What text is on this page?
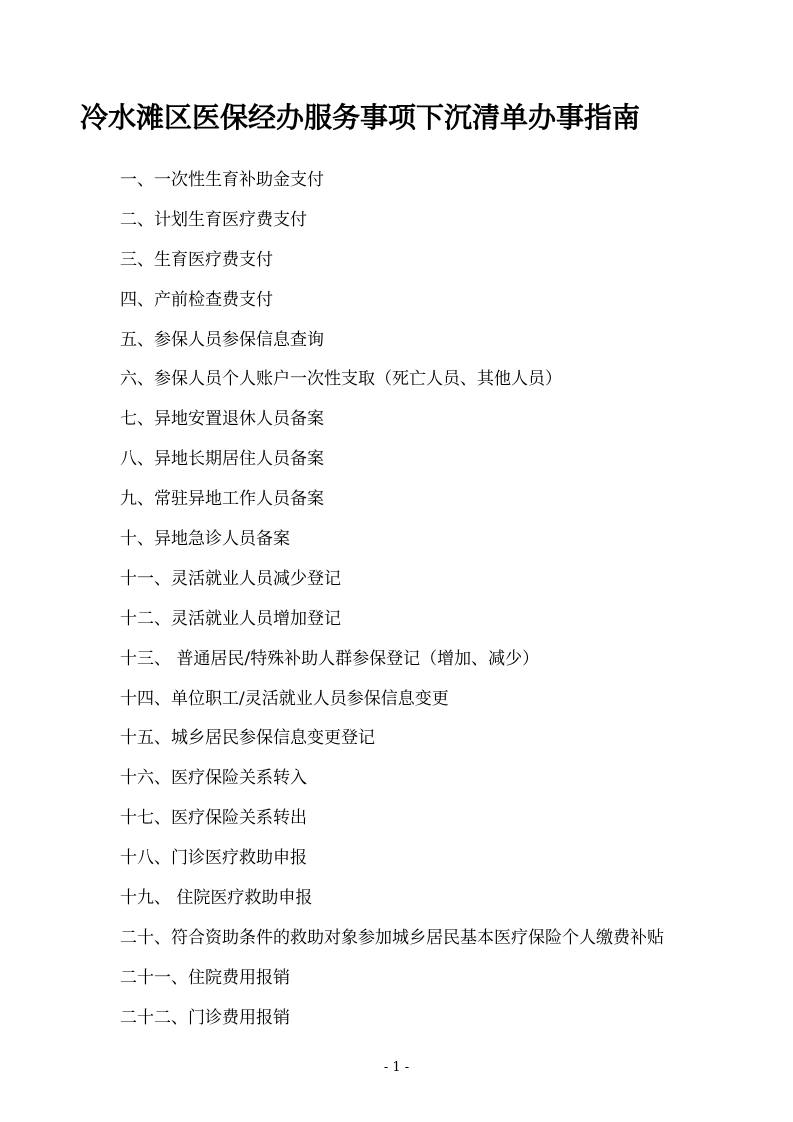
冷水滩区医保经办服务事项下沉清单办事指南
一、一次性生育补助金支付
二、计划生育医疗费支付
三、生育医疗费支付
四、产前检查费支付
五、参保人员参保信息查询
六、参保人员个人账户一次性支取（死亡人员、其他人员）
七、异地安置退休人员备案
八、异地长期居住人员备案
九、常驻异地工作人员备案
十、异地急诊人员备案
十一、灵活就业人员减少登记
十二、灵活就业人员增加登记
十三、 普通居民/特殊补助人群参保登记（增加、减少）
十四、单位职工/灵活就业人员参保信息变更
十五、城乡居民参保信息变更登记
十六、医疗保险关系转入
十七、医疗保险关系转出
十八、门诊医疗救助申报
十九、 住院医疗救助申报
二十、符合资助条件的救助对象参加城乡居民基本医疗保险个人缴费补贴
二十一、住院费用报销
二十二、门诊费用报销
- 1 -
